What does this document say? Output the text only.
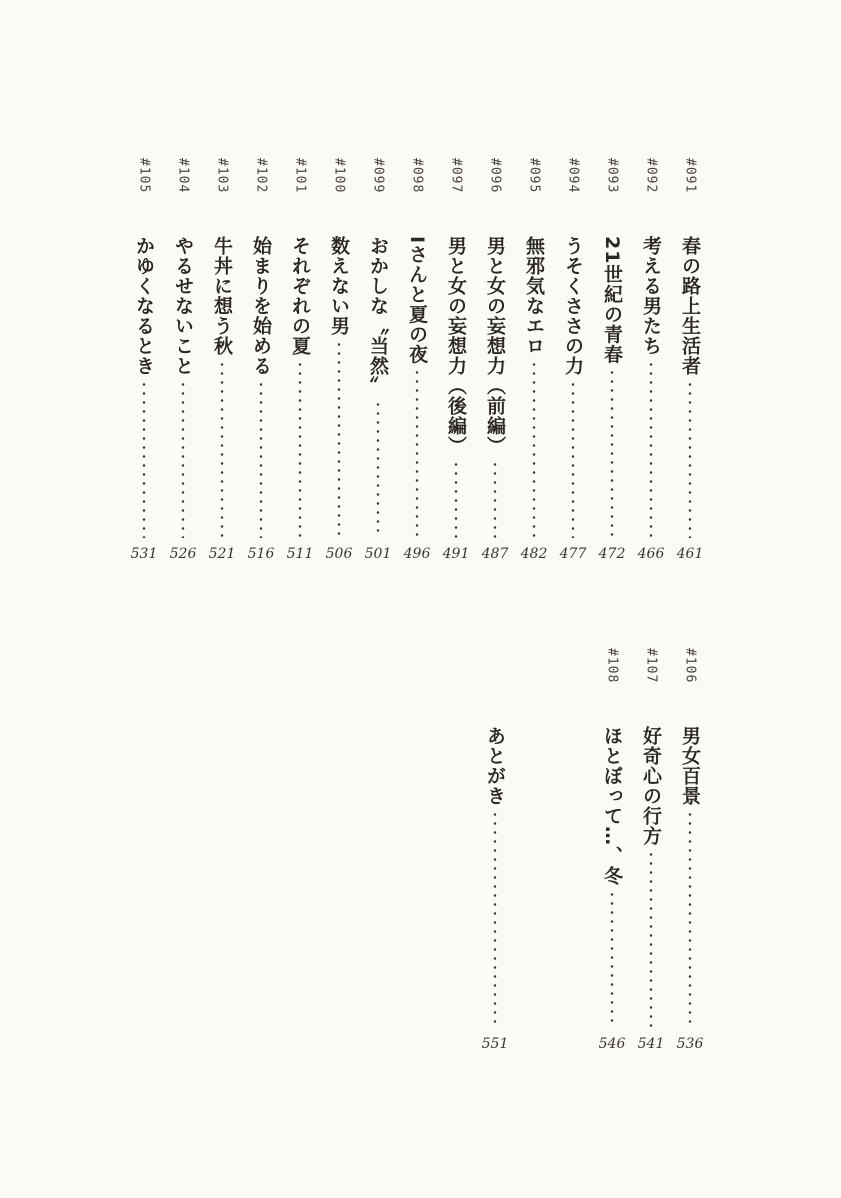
#091
春の路上生活者
461
#092
考える男たち
466
#093
21世紀の青春
472
#094
うそくささの力
477
#095
無邪気なエロ
482
#096
男と女の妄想力（前編）
487
#097
男と女の妄想力（後編）
491
#098
Iさんと夏の夜
496
#099
おかしな〝当然〟
501
#100
数えない男
506
#101
それぞれの夏
511
#102
始まりを始める
516
#103
牛丼に想う秋
521
#104
やるせないこと
526
#105
かゆくなるとき
531
#106
男女百景
536
#107
好奇心の行方
541
#108
ほとぼって…、冬
546
あとがき
551
